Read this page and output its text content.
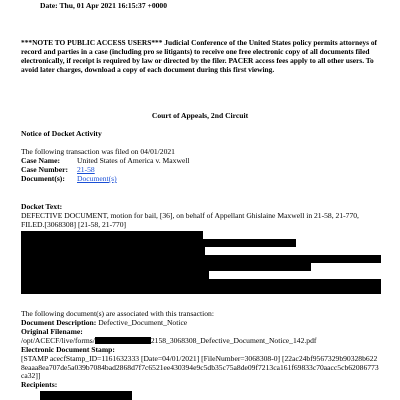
Date: Thu, 01 Apr 2021 16:15:37 +0000

***NOTE TO PUBLIC ACCESS USERS*** Judicial Conference of the United States policy permits attorneys of record and parties in a case (including pro se litigants) to receive one free electronic copy of all documents filed electronically, if receipt is required by law or directed by the filer. PACER access fees apply to all other users. To avoid later charges, download a copy of each document during this first viewing.

Court of Appeals, 2nd Circuit

Notice of Docket Activity

The following transaction was filed on 04/01/2021

Case Name: United States of America v. Maxwell

Case Number: 21-58

Document(s): Document(s)

Docket Text:

DEFECTIVE DOCUMENT, motion for bail, [36], on behalf of Appellant Ghislaine Maxwell in 21-58, 21-770, FILED.[3068308] [21-58, 21-770]

The following document(s) are associated with this transaction:

Document Description: Defective_Document_Notice

Original Filename:

/opt/ACECF/live/forms/	2158_3068308_Defective_Document_Notice_142.pdf

Electronic Document Stamp:

[STAMP acecfStamp_ID=1161632333 [Date=04/01/2021] [FileNumber=3068308-0] [22ac24bf9567329b90328b6228eaaa8ea707de5a039b7084bad2868d7f7c6521ee430394e9c5db35c75a8de09f7213ca161f69833c70aacc5cb62086773ca32]]

Recipients:
